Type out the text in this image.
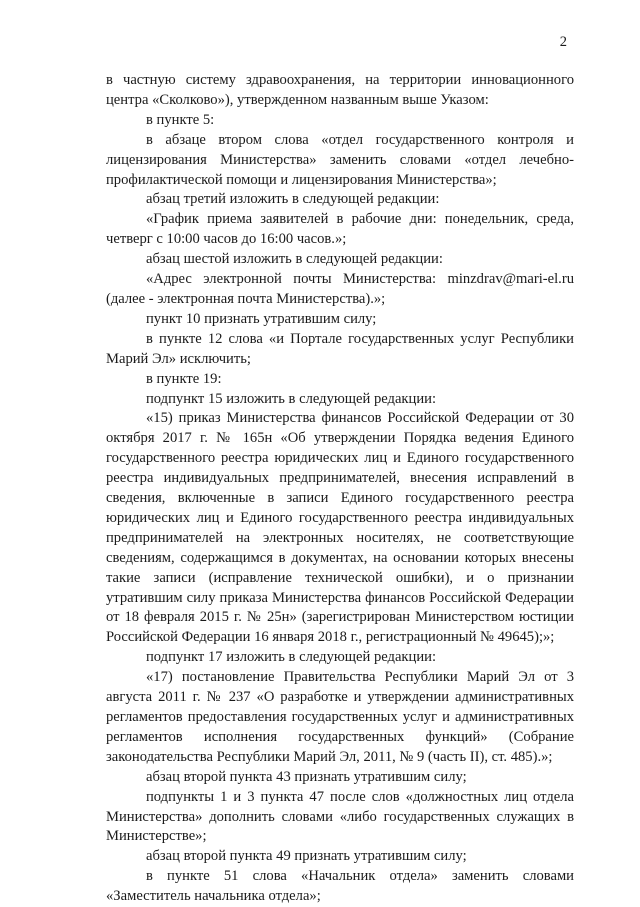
2

в частную систему здравоохранения, на территории инновационного центра «Сколково»), утвержденном названным выше Указом:

в пункте 5:

в абзаце втором слова «отдел государственного контроля и лицензирования Министерства» заменить словами «отдел лечебно-профилактической помощи и лицензирования Министерства»;

абзац третий изложить в следующей редакции:

«График приема заявителей в рабочие дни: понедельник, среда, четверг с 10:00 часов до 16:00 часов.»;

абзац шестой изложить в следующей редакции:

«Адрес электронной почты Министерства: minzdrav@mari-el.ru (далее - электронная почта Министерства).»;

пункт 10 признать утратившим силу;

в пункте 12 слова «и Портале государственных услуг Республики Марий Эл» исключить;

в пункте 19:

подпункт 15 изложить в следующей редакции:

«15) приказ Министерства финансов Российской Федерации от 30 октября 2017 г. № 165н «Об утверждении Порядка ведения Единого государственного реестра юридических лиц и Единого государственного реестра индивидуальных предпринимателей, внесения исправлений в сведения, включенные в записи Единого государственного реестра юридических лиц и Единого государственного реестра индивидуальных предпринимателей на электронных носителях, не соответствующие сведениям, содержащимся в документах, на основании которых внесены такие записи (исправление технической ошибки), и о признании утратившим силу приказа Министерства финансов Российской Федерации от 18 февраля 2015 г. № 25н» (зарегистрирован Министерством юстиции Российской Федерации 16 января 2018 г., регистрационный № 49645);»;

подпункт 17 изложить в следующей редакции:

«17) постановление Правительства Республики Марий Эл от 3 августа 2011 г. № 237 «О разработке и утверждении административных регламентов предоставления государственных услуг и административных регламентов исполнения государственных функций» (Собрание законодательства Республики Марий Эл, 2011, № 9 (часть II), ст. 485).»;

абзац второй пункта 43 признать утратившим силу;

подпункты 1 и 3 пункта 47 после слов «должностных лиц отдела Министерства» дополнить словами «либо государственных служащих в Министерстве»;

абзац второй пункта 49 признать утратившим силу;

в пункте 51 слова «Начальник отдела» заменить словами «Заместитель начальника отдела»;
